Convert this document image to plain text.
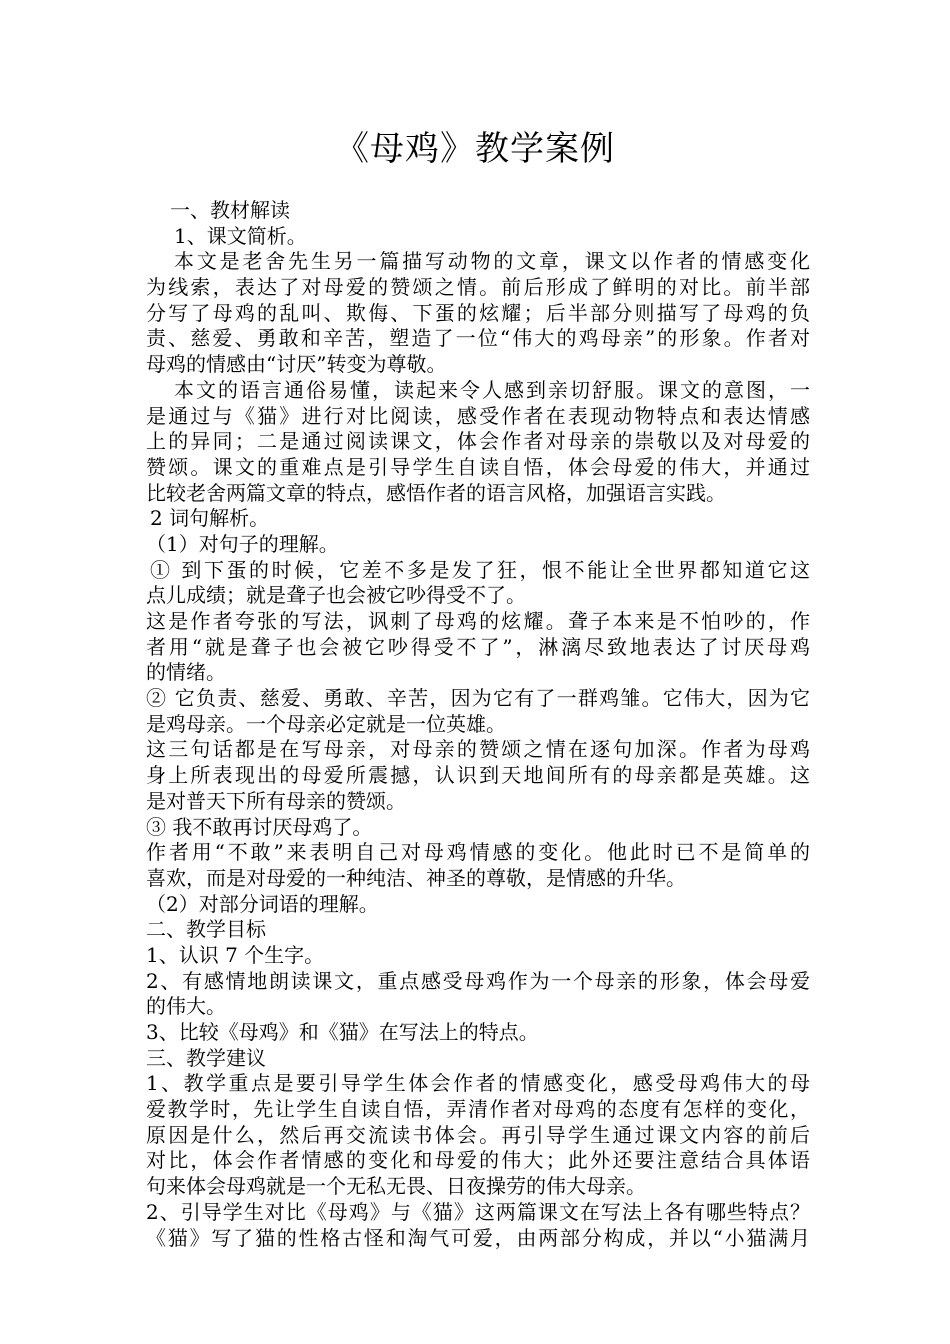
《母鸡》教学案例
一、教材解读
1、课文简析。
本文是老舍先生另一篇描写动物的文章，课文以作者的情感变化
为线索，表达了对母爱的赞颂之情。前后形成了鲜明的对比。前半部
分写了母鸡的乱叫、欺侮、下蛋的炫耀；后半部分则描写了母鸡的负
责、慈爱、勇敢和辛苦，塑造了一位“伟大的鸡母亲”的形象。作者对
母鸡的情感由“讨厌”转变为尊敬。
本文的语言通俗易懂，读起来令人感到亲切舒服。课文的意图，一
是通过与《猫》进行对比阅读，感受作者在表现动物特点和表达情感
上的异同；二是通过阅读课文，体会作者对母亲的崇敬以及对母爱的
赞颂。课文的重难点是引导学生自读自悟，体会母爱的伟大，并通过
比较老舍两篇文章的特点，感悟作者的语言风格，加强语言实践。
2 词句解析。
（1）对句子的理解。
① 到下蛋的时候，它差不多是发了狂，恨不能让全世界都知道它这
点儿成绩；就是聋子也会被它吵得受不了。
这是作者夸张的写法，讽刺了母鸡的炫耀。聋子本来是不怕吵的，作
者用“就是聋子也会被它吵得受不了”，淋漓尽致地表达了讨厌母鸡
的情绪。
② 它负责、慈爱、勇敢、辛苦，因为它有了一群鸡雏。它伟大，因为它
是鸡母亲。一个母亲必定就是一位英雄。
这三句话都是在写母亲，对母亲的赞颂之情在逐句加深。作者为母鸡
身上所表现出的母爱所震撼，认识到天地间所有的母亲都是英雄。这
是对普天下所有母亲的赞颂。
③ 我不敢再讨厌母鸡了。
作者用“不敢”来表明自己对母鸡情感的变化。他此时已不是简单的
喜欢，而是对母爱的一种纯洁、神圣的尊敬，是情感的升华。
（2）对部分词语的理解。
二、教学目标
1、认识 7 个生字。
2、有感情地朗读课文，重点感受母鸡作为一个母亲的形象，体会母爱
的伟大。
3、比较《母鸡》和《猫》在写法上的特点。
三、教学建议
1、教学重点是要引导学生体会作者的情感变化，感受母鸡伟大的母
爱教学时，先让学生自读自悟，弄清作者对母鸡的态度有怎样的变化，
原因是什么，然后再交流读书体会。再引导学生通过课文内容的前后
对比，体会作者情感的变化和母爱的伟大；此外还要注意结合具体语
句来体会母鸡就是一个无私无畏、日夜操劳的伟大母亲。
2、引导学生对比《母鸡》与《猫》这两篇课文在写法上各有哪些特点？
《猫》写了猫的性格古怪和淘气可爱，由两部分构成，并以“小猫满月
